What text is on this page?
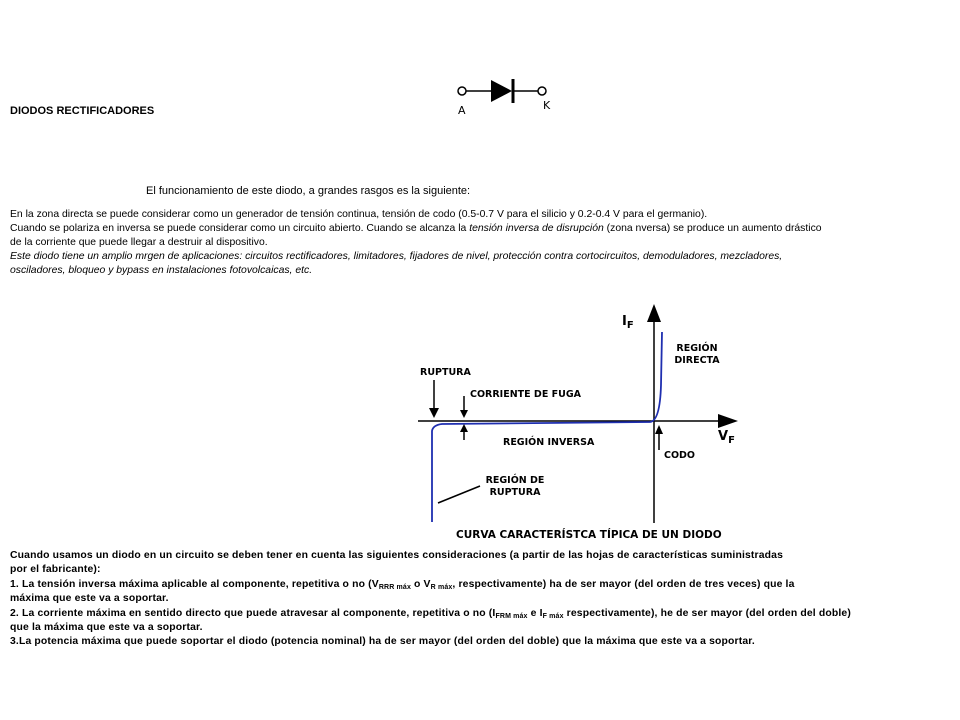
DIODOS RECTIFICADORES	A	K
El funcionamiento de este diodo, a grandes rasgos es la siguiente:
En la zona directa se puede considerar como un generador de tensión continua, tensión de codo (0.5-0.7 V para el silicio y 0.2-0.4 V para el germanio).
Cuando se polariza en inversa se puede considerar como un circuito abierto. Cuando se alcanza la tensión inversa de disrupción (zona nversa) se produce un aumento drástico
de la corriente que puede llegar a destruir al dispositivo.
Este diodo tiene un amplio mrgen de aplicaciones: circuitos rectificadores, limitadores, fijadores de nivel, protección contra cortocircuitos, demoduladores, mezcladores,
osciladores, bloqueo y bypass en instalaciones fotovolcaicas, etc.
$I_F$
$V_F$
REGIÓN
DIRECTA
RUPTURA
CORRIENTE DE FUGA
REGIÓN INVERSA
CODO
REGIÓN DE
RUPTURA
CURVA CARACTERÍSTCA TÍPICA DE UN DIODO
Cuando usamos un diodo en un circuito se deben tener en cuenta las siguientes consideraciones (a partir de las hojas de características suministradas
por el fabricante):
1. La tensión inversa máxima aplicable al componente, repetitiva o no ($V_{RRR máx}$ o $V_{R máx}$, respectivamente) ha de ser mayor (del orden de tres veces) que la
máxima que este va a soportar.
2. La corriente máxima en sentido directo que puede atravesar al componente, repetitiva o no ($I_{FRM máx}$ e $I_{F máx}$ respectivamente), he de ser mayor (del orden del doble)
que la máxima que este va a soportar.
3.La potencia máxima que puede soportar el diodo (potencia nominal) ha de ser mayor (del orden del doble) que la máxima que este va a soportar.
